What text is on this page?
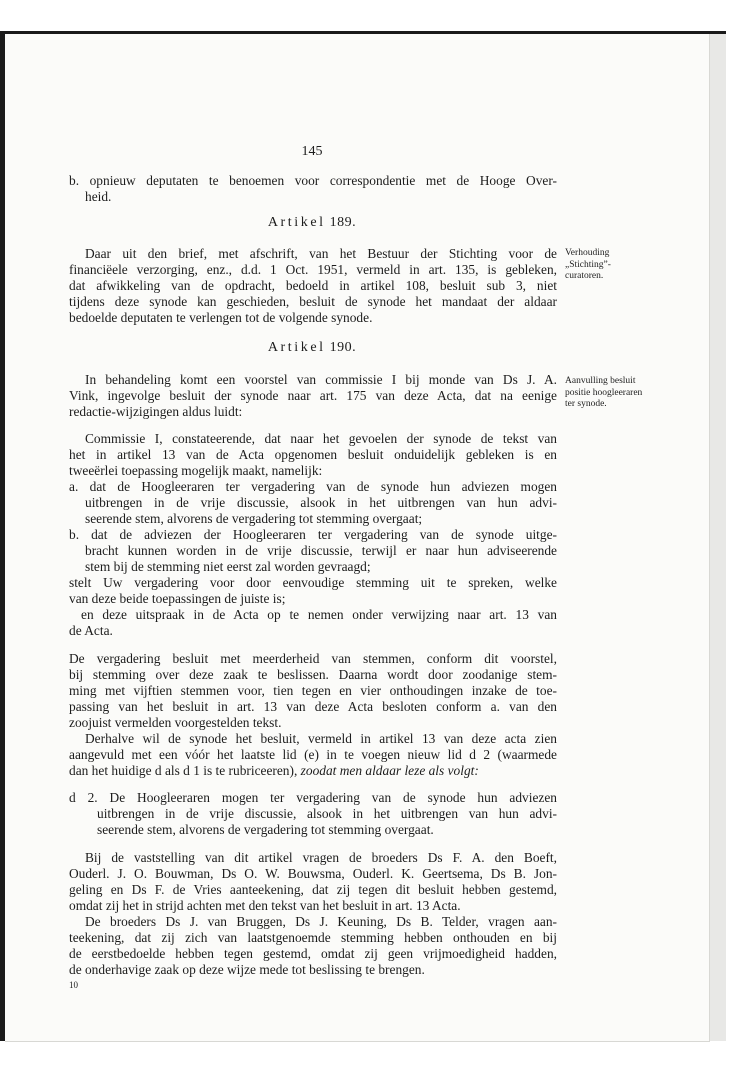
145
b. opnieuw deputaten te benoemen voor correspondentie met de Hooge Over-
heid.
Artikel 189.
Daar uit den brief, met afschrift, van het Bestuur der Stichting voor de
financiëele verzorging, enz., d.d. 1 Oct. 1951, vermeld in art. 135, is gebleken,
dat afwikkeling van de opdracht, bedoeld in artikel 108, besluit sub 3, niet
tijdens deze synode kan geschieden, besluit de synode het mandaat der aldaar
bedoelde deputaten te verlengen tot de volgende synode.
Verhouding
„Stichting”-
curatoren.
Artikel 190.
In behandeling komt een voorstel van commissie I bij monde van Ds J. A.
Vink, ingevolge besluit der synode naar art. 175 van deze Acta, dat na eenige
redactie-wijzigingen aldus luidt:
Aanvulling besluit
positie hoogleeraren
ter synode.
Commissie I, constateerende, dat naar het gevoelen der synode de tekst van
het in artikel 13 van de Acta opgenomen besluit onduidelijk gebleken is en
tweeërlei toepassing mogelijk maakt, namelijk:
a. dat de Hoogleeraren ter vergadering van de synode hun adviezen mogen
uitbrengen in de vrije discussie, alsook in het uitbrengen van hun advi-
seerende stem, alvorens de vergadering tot stemming overgaat;
b. dat de adviezen der Hoogleeraren ter vergadering van de synode uitge-
bracht kunnen worden in de vrije discussie, terwijl er naar hun adviseerende
stem bij de stemming niet eerst zal worden gevraagd;
stelt Uw vergadering voor door eenvoudige stemming uit te spreken, welke
van deze beide toepassingen de juiste is;
en deze uitspraak in de Acta op te nemen onder verwijzing naar art. 13 van
de Acta.
De vergadering besluit met meerderheid van stemmen, conform dit voorstel,
bij stemming over deze zaak te beslissen. Daarna wordt door zoodanige stem-
ming met vijftien stemmen voor, tien tegen en vier onthoudingen inzake de toe-
passing van het besluit in art. 13 van deze Acta besloten conform a. van den
zoojuist vermelden voorgestelden tekst.
Derhalve wil de synode het besluit, vermeld in artikel 13 van deze acta zien
aangevuld met een vóór het laatste lid (e) in te voegen nieuw lid d 2 (waarmede
dan het huidige d als d 1 is te rubriceeren), zoodat men aldaar leze als volgt:
d 2. De Hoogleeraren mogen ter vergadering van de synode hun adviezen
uitbrengen in de vrije discussie, alsook in het uitbrengen van hun advi-
seerende stem, alvorens de vergadering tot stemming overgaat.
Bij de vaststelling van dit artikel vragen de broeders Ds F. A. den Boeft,
Ouderl. J. O. Bouwman, Ds O. W. Bouwsma, Ouderl. K. Geertsema, Ds B. Jon-
geling en Ds F. de Vries aanteekening, dat zij tegen dit besluit hebben gestemd,
omdat zij het in strijd achten met den tekst van het besluit in art. 13 Acta.
De broeders Ds J. van Bruggen, Ds J. Keuning, Ds B. Telder, vragen aan-
teekening, dat zij zich van laatstgenoemde stemming hebben onthouden en bij
de eerstbedoelde hebben tegen gestemd, omdat zij geen vrijmoedigheid hadden,
de onderhavige zaak op deze wijze mede tot beslissing te brengen.
10
